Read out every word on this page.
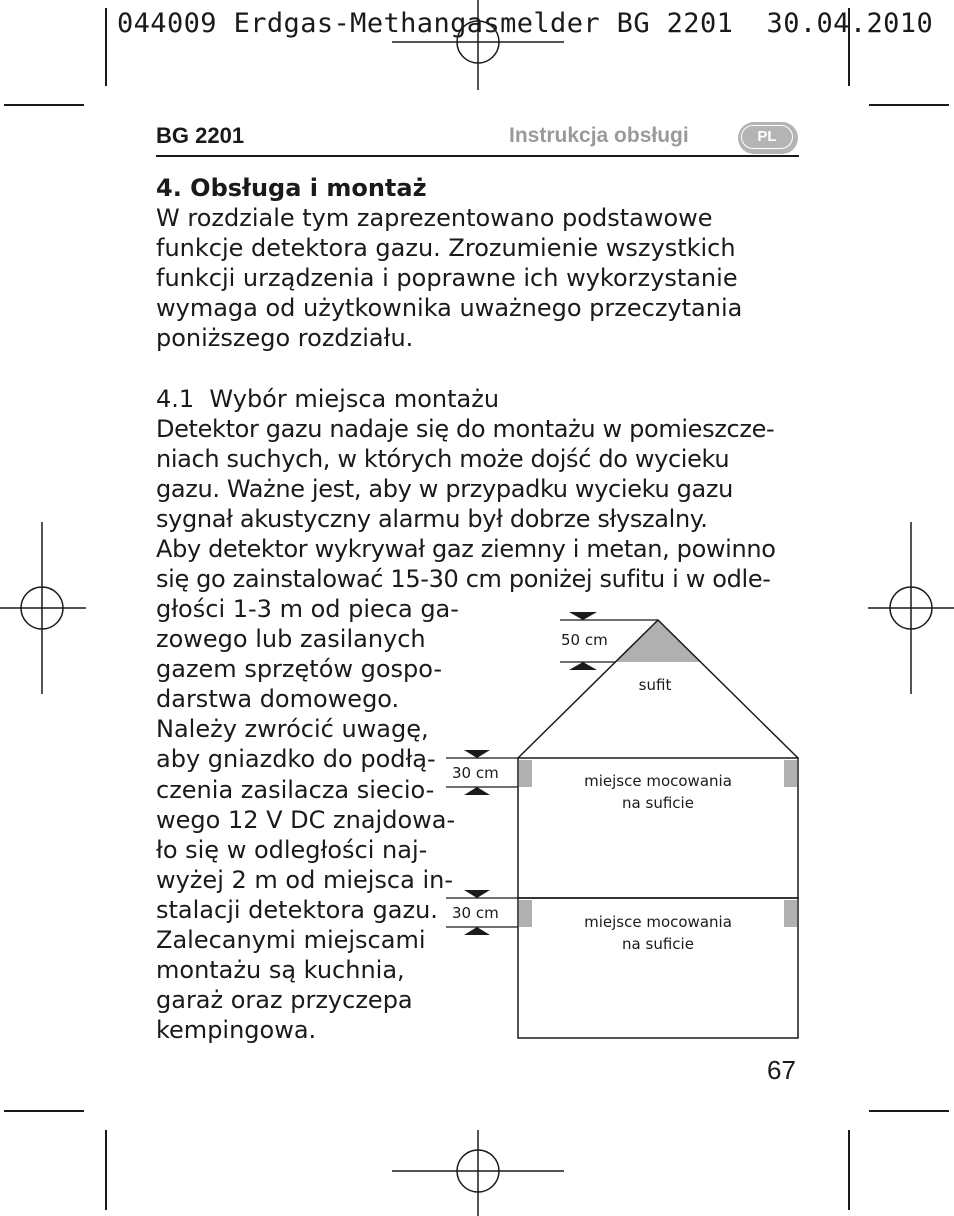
044009 Erdgas-Methangasmelder BG 2201  30.04.2010
BG 2201	Instrukcja obsługi	PL
4. Obsługa i montaż
W rozdziale tym zaprezentowano podstawowe
funkcje detektora gazu. Zrozumienie wszystkich
funkcji urządzenia i poprawne ich wykorzystanie
wymaga od użytkownika uważnego przeczytania
poniższego rozdziału.
4.1  Wybór miejsca montażu
Detektor gazu nadaje się do montażu w pomieszcze-
niach suchych, w których może dojść do wycieku
gazu. Ważne jest, aby w przypadku wycieku gazu
sygnał akustyczny alarmu był dobrze słyszalny.
Aby detektor wykrywał gaz ziemny i metan, powinno
się go zainstalować 15-30 cm poniżej sufitu i w odle-
głości 1-3 m od pieca ga-
zowego lub zasilanych
gazem sprzętów gospo-
darstwa domowego.
Należy zwrócić uwagę,
aby gniazdko do podłą-
czenia zasilacza siecio-
wego 12 V DC znajdowa-
ło się w odległości naj-
wyżej 2 m od miejsca in-
stalacji detektora gazu.
Zalecanymi miejscami
montażu są kuchnia,
garaż oraz przyczepa
kempingowa.
50 cm
sufit
30 cm	miejsce mocowania
na suficie
30 cm	miejsce mocowania
na suficie
67
